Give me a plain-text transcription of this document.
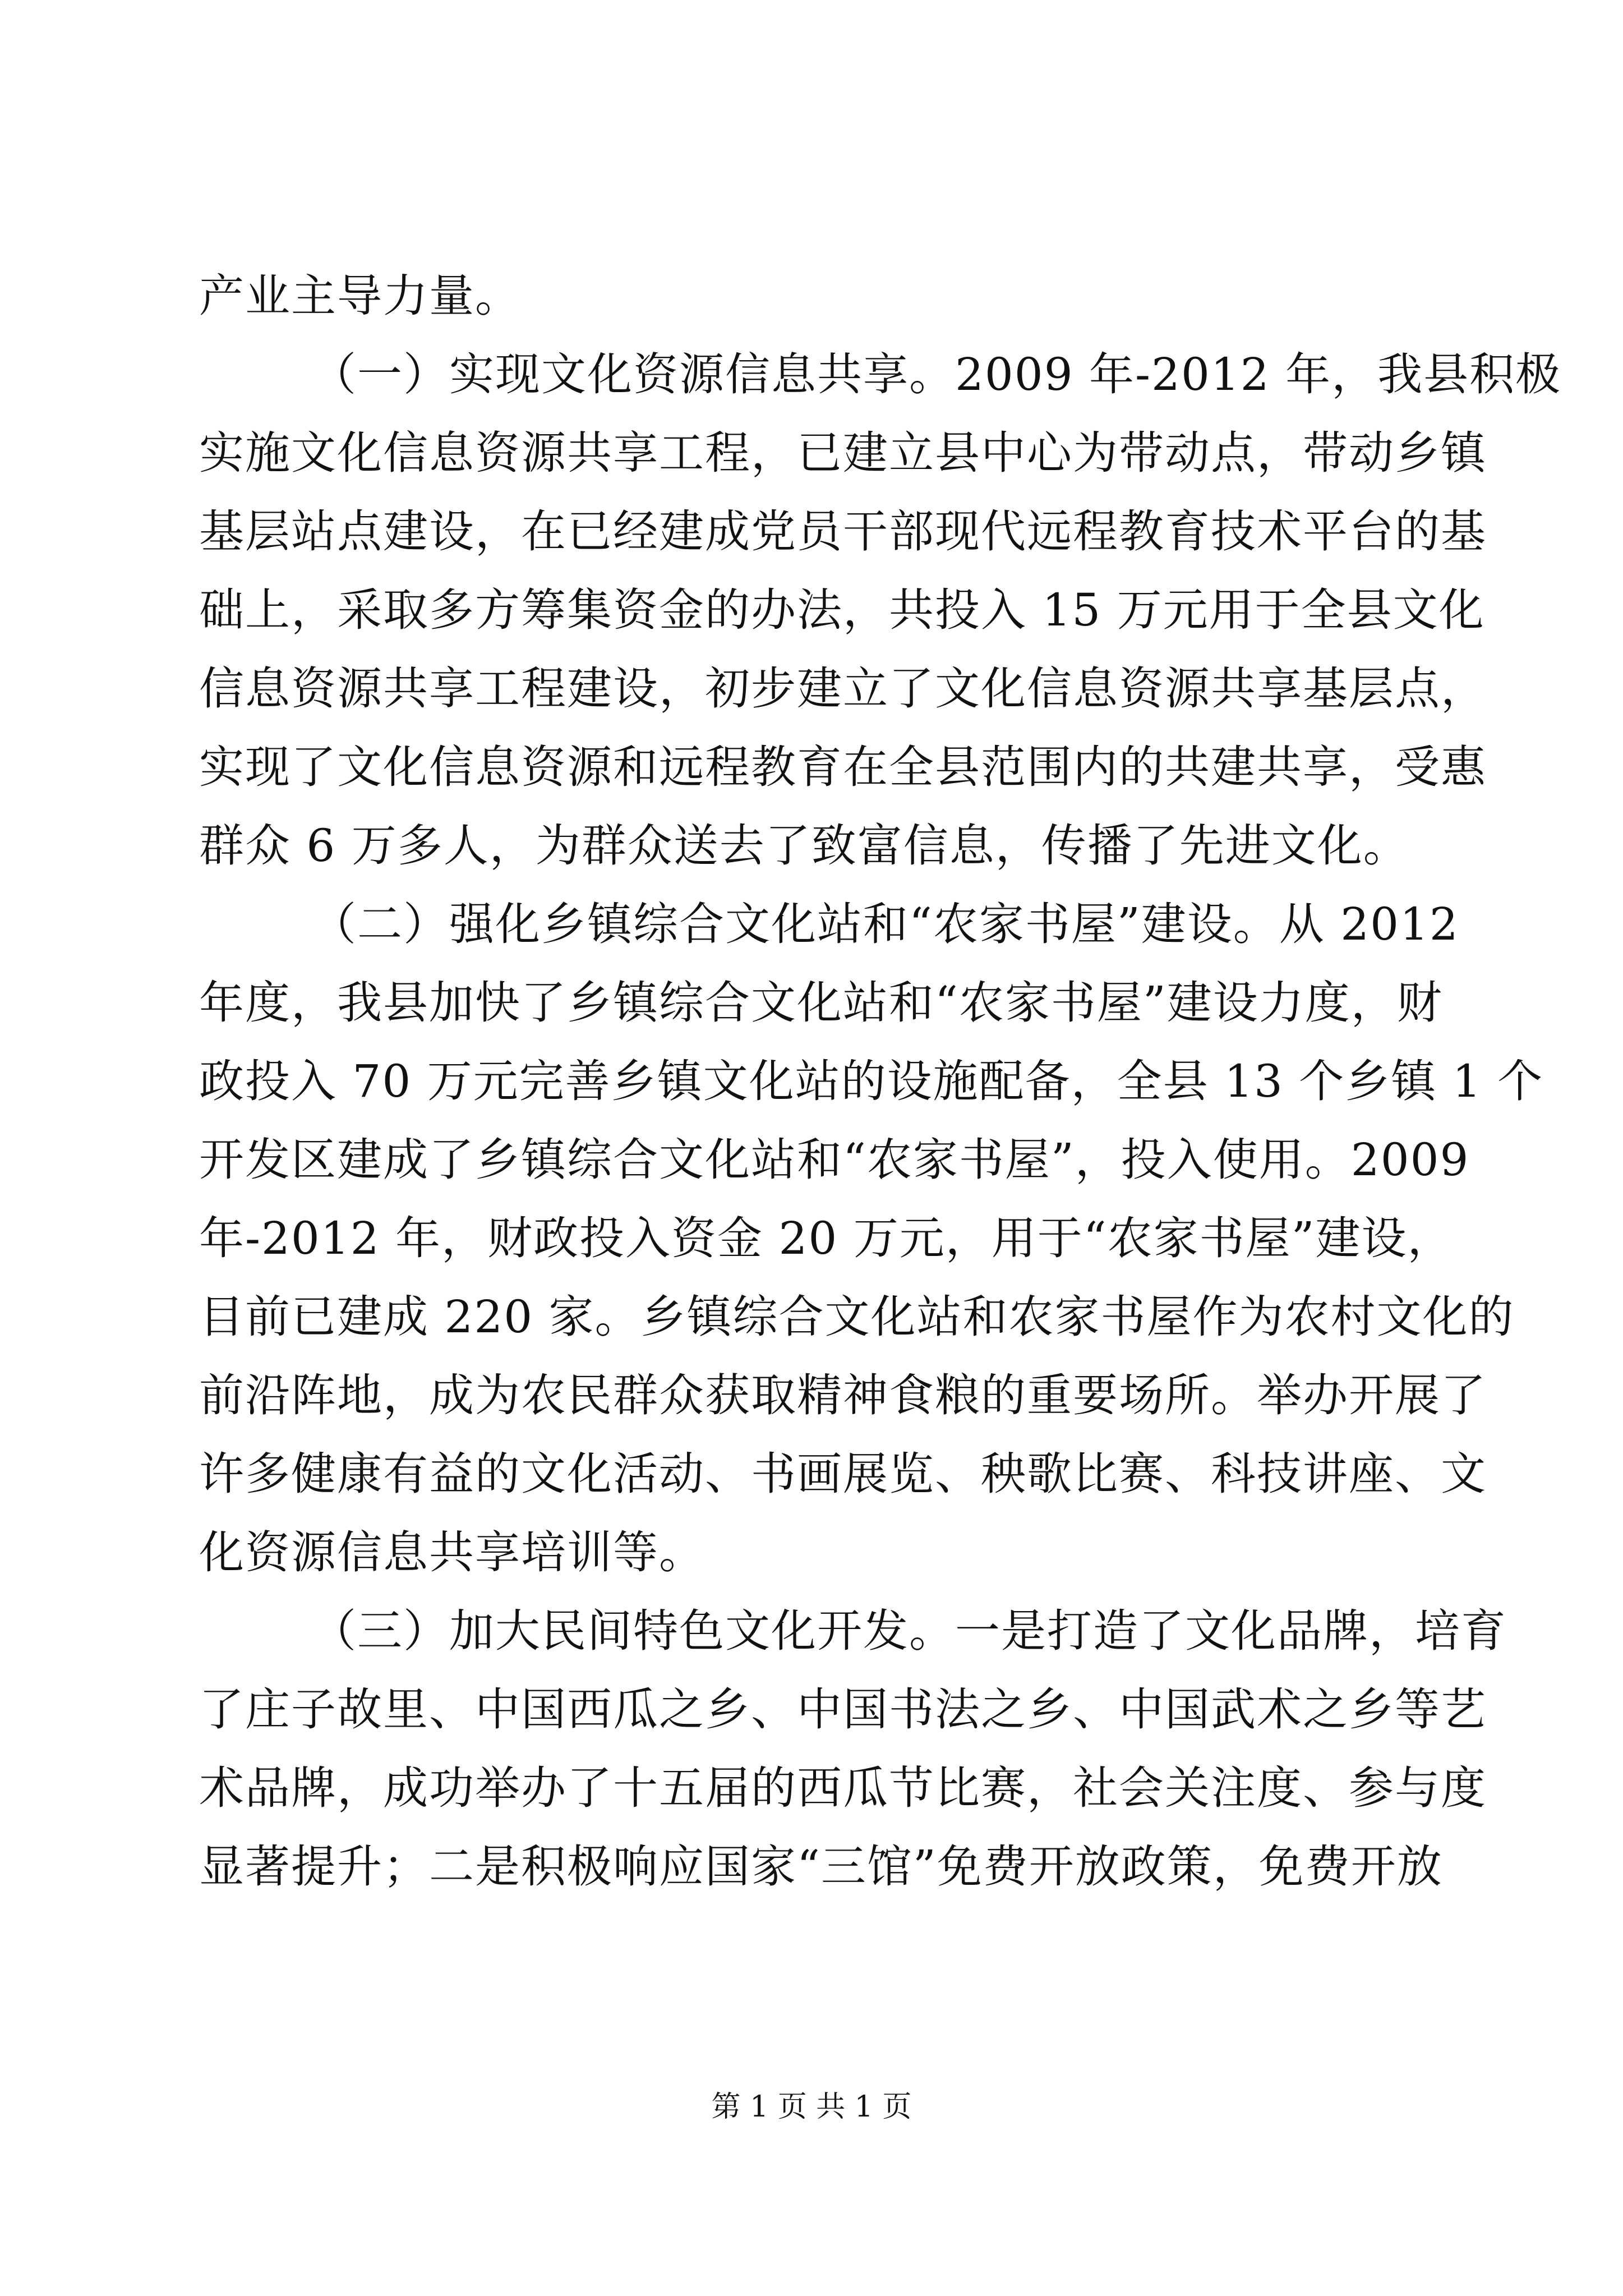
产业主导力量。
（一）实现文化资源信息共享。2009 年-2012 年，我县积极
实施文化信息资源共享工程，已建立县中心为带动点，带动乡镇
基层站点建设，在已经建成党员干部现代远程教育技术平台的基
础上，采取多方筹集资金的办法，共投入 15 万元用于全县文化
信息资源共享工程建设，初步建立了文化信息资源共享基层点，
实现了文化信息资源和远程教育在全县范围内的共建共享，受惠
群众 6 万多人，为群众送去了致富信息，传播了先进文化。
（二）强化乡镇综合文化站和“农家书屋”建设。从 2012
年度，我县加快了乡镇综合文化站和“农家书屋”建设力度，财
政投入 70 万元完善乡镇文化站的设施配备，全县 13 个乡镇 1 个
开发区建成了乡镇综合文化站和“农家书屋”，投入使用。2009
年-2012 年，财政投入资金 20 万元，用于“农家书屋”建设，
目前已建成 220 家。乡镇综合文化站和农家书屋作为农村文化的
前沿阵地，成为农民群众获取精神食粮的重要场所。举办开展了
许多健康有益的文化活动、书画展览、秧歌比赛、科技讲座、文
化资源信息共享培训等。
（三）加大民间特色文化开发。一是打造了文化品牌，培育
了庄子故里、中国西瓜之乡、中国书法之乡、中国武术之乡等艺
术品牌，成功举办了十五届的西瓜节比赛，社会关注度、参与度
显著提升；二是积极响应国家“三馆”免费开放政策，免费开放
第 1 页 共 1 页
